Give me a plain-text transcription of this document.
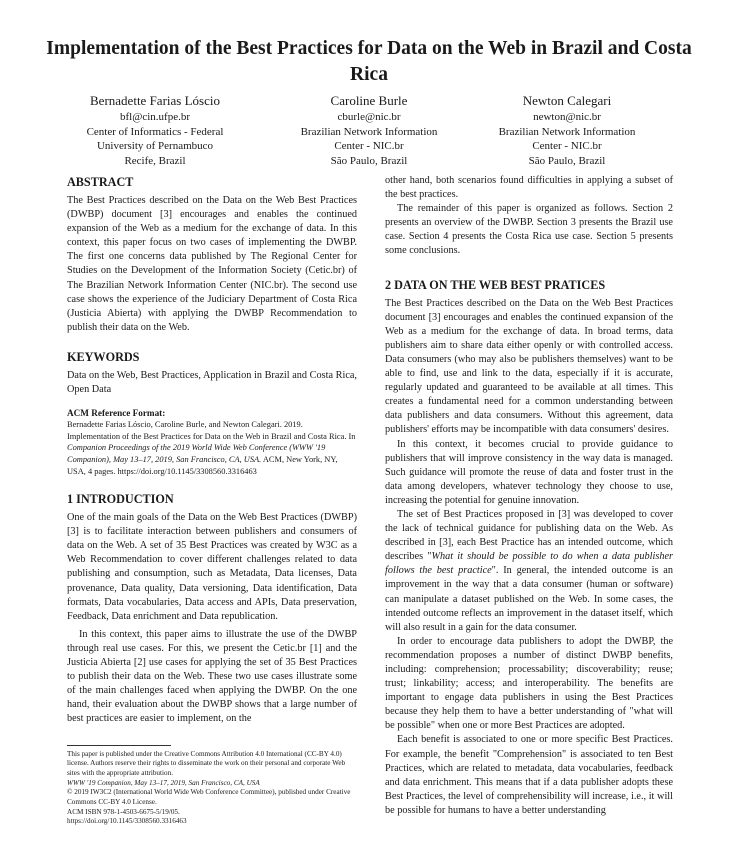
Implementation of the Best Practices for Data on the Web in Brazil and Costa Rica
Bernadette Farias Lóscio
bfl@cin.ufpe.br
Center of Informatics - Federal
University of Pernambuco
Recife, Brazil
Caroline Burle
cburle@nic.br
Brazilian Network Information
Center - NIC.br
São Paulo, Brazil
Newton Calegari
newton@nic.br
Brazilian Network Information
Center - NIC.br
São Paulo, Brazil
ABSTRACT

The Best Practices described on the Data on the Web Best Practices (DWBP) document [3] encourages and enables the continued expansion of the Web as a medium for the exchange of data. In this context, this paper focus on two cases of implementing the DWBP. The first one concerns data published by The Regional Center for Studies on the Development of the Information Society (Cetic.br) of The Brazilian Network Information Center (NIC.br). The second use case shows the experience of the Judiciary Department of Costa Rica (Justicia Abierta) with applying the DWBP Recommendation to publish their data on the Web.

KEYWORDS

Data on the Web, Best Practices, Application in Brazil and Costa Rica, Open Data

ACM Reference Format:
Bernadette Farias Lóscio, Caroline Burle, and Newton Calegari. 2019. Implementation of the Best Practices for Data on the Web in Brazil and Costa Rica. In Companion Proceedings of the 2019 World Wide Web Conference (WWW '19 Companion), May 13–17, 2019, San Francisco, CA, USA. ACM, New York, NY, USA, 4 pages. https://doi.org/10.1145/3308560.3316463
1 INTRODUCTION

One of the main goals of the Data on the Web Best Practices (DWBP) [3] is to facilitate interaction between publishers and consumers of data on the Web. A set of 35 Best Practices was created by W3C as a Web Recommendation to cover different challenges related to data publishing and consumption, such as Metadata, Data licenses, Data provenance, Data quality, Data versioning, Data identification, Data formats, Data vocabularies, Data access and APIs, Data preservation, Feedback, Data enrichment and Data republication.

In this context, this paper aims to illustrate the use of the DWBP through real use cases. For this, we present the Cetic.br [1] and the Justicia Abierta [2] use cases for applying the set of 35 Best Practices to publish their data on the Web. These two use cases illustrate some of the main challenges faced when applying the DWBP. On the one hand, their evaluation about the DWBP shows that a large number of best practices are easier to implement, on the

This paper is published under the Creative Commons Attribution 4.0 International (CC-BY 4.0) license. Authors reserve their rights to disseminate the work on their personal and corporate Web sites with the appropriate attribution.
WWW '19 Companion, May 13–17, 2019, San Francisco, CA, USA
© 2019 IW3C2 (International World Wide Web Conference Committee), published under Creative Commons CC-BY 4.0 License.
ACM ISBN 978-1-4503-6675-5/19/05.
https://doi.org/10.1145/3308560.3316463

other hand, both scenarios found difficulties in applying a subset of the best practices.

The remainder of this paper is organized as follows. Section 2 presents an overview of the DWBP. Section 3 presents the Brazil use case. Section 4 presents the Costa Rica use case. Section 5 presents some conclusions.

2 DATA ON THE WEB BEST PRATICES

The Best Practices described on the Data on the Web Best Practices document [3] encourages and enables the continued expansion of the Web as a medium for the exchange of data. In broad terms, data publishers aim to share data either openly or with controlled access. Data consumers (who may also be publishers themselves) want to be able to find, use and link to the data, especially if it is accurate, regularly updated and guaranteed to be available at all times. This creates a fundamental need for a common understanding between data publishers and data consumers. Without this agreement, data publishers' efforts may be incompatible with data consumers' desires.

In this context, it becomes crucial to provide guidance to publishers that will improve consistency in the way data is managed. Such guidance will promote the reuse of data and foster trust in the data among developers, whatever technology they choose to use, increasing the potential for genuine innovation.

The set of Best Practices proposed in [3] was developed to cover the lack of technical guidance for publishing data on the Web. As described in [3], each Best Practice has an intended outcome, which describes "What it should be possible to do when a data publisher follows the best practice". In general, the intended outcome is an improvement in the way that a data consumer (human or software) can manipulate a dataset published on the Web. In some cases, the intended outcome reflects an improvement in the dataset itself, which will also result in a gain for the data consumer.

In order to encourage data publishers to adopt the DWBP, the recommendation proposes a number of distinct DWBP benefits, including: comprehension; processability; discoverability; reuse; trust; linkability; access; and interoperability. The benefits are important to engage data publishers in using the Best Practices because they help them to have a better understanding of "what will be possible" when one or more Best Practices are adopted.

Each benefit is associated to one or more specific Best Practices. For example, the benefit "Comprehension" is associated to ten Best Practices, which are related to metadata, data vocabularies, feedback and data enrichment. This means that if a data publisher adopts these Best Practices, the level of comprehensibility will increase, i.e., it will be possible for humans to have a better understanding
